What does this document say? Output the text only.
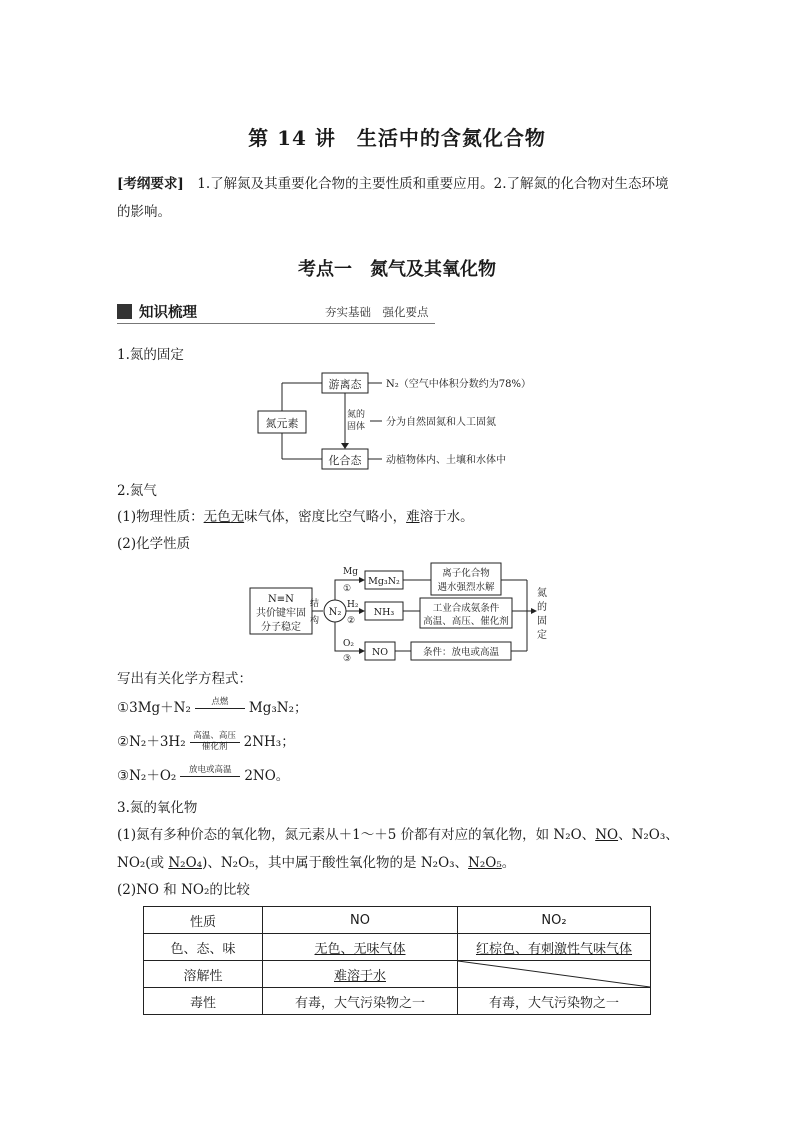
第 14 讲　生活中的含氮化合物
[考纲要求]　1.了解氮及其重要化合物的主要性质和重要应用。2.了解氮的化合物对生态环境的影响。
考点一　氮气及其氧化物
知识梳理	夯实基础　强化要点
1.氮的固定
氮元素
游离态
化合态
氮的
固体
N₂（空气中体积分数约为78%）
分为自然固氮和人工固氮
动植物体内、土壤和水体中
2.氮气
(1)物理性质：无色无味气体，密度比空气略小，难溶于水。
(2)化学性质
N≡N
共价键牢固
分子稳定
结
构
N₂
Mg
①
H₂
②
O₂
③
Mg₃N₂
NH₃
NO
离子化合物
遇水强烈水解
工业合成氨条件
高温、高压、催化剂
条件：放电或高温
氮
的
固
定
写出有关化学方程式：
①3Mg＋N₂	点燃
	Mg₃N₂；
②N₂＋3H₂ 高温、高压
催化剂	2NH₃；
③N₂＋O₂	放电或高温
2NO。
3.氮的氧化物
(1)氮有多种价态的氧化物，氮元素从＋1～＋5 价都有对应的氧化物，如 N₂O、NO、N₂O₃、
NO₂(或 N₂O₄)、N₂O₅，其中属于酸性氧化物的是 N₂O₃、N₂O₅。
(2)NO 和 NO₂的比较
性质	NO	NO₂
色、态、味	无色、无味气体	红棕色、有刺激性气味气体
溶解性	难溶于水	

毒性	有毒，大气污染物之一	有毒，大气污染物之一
